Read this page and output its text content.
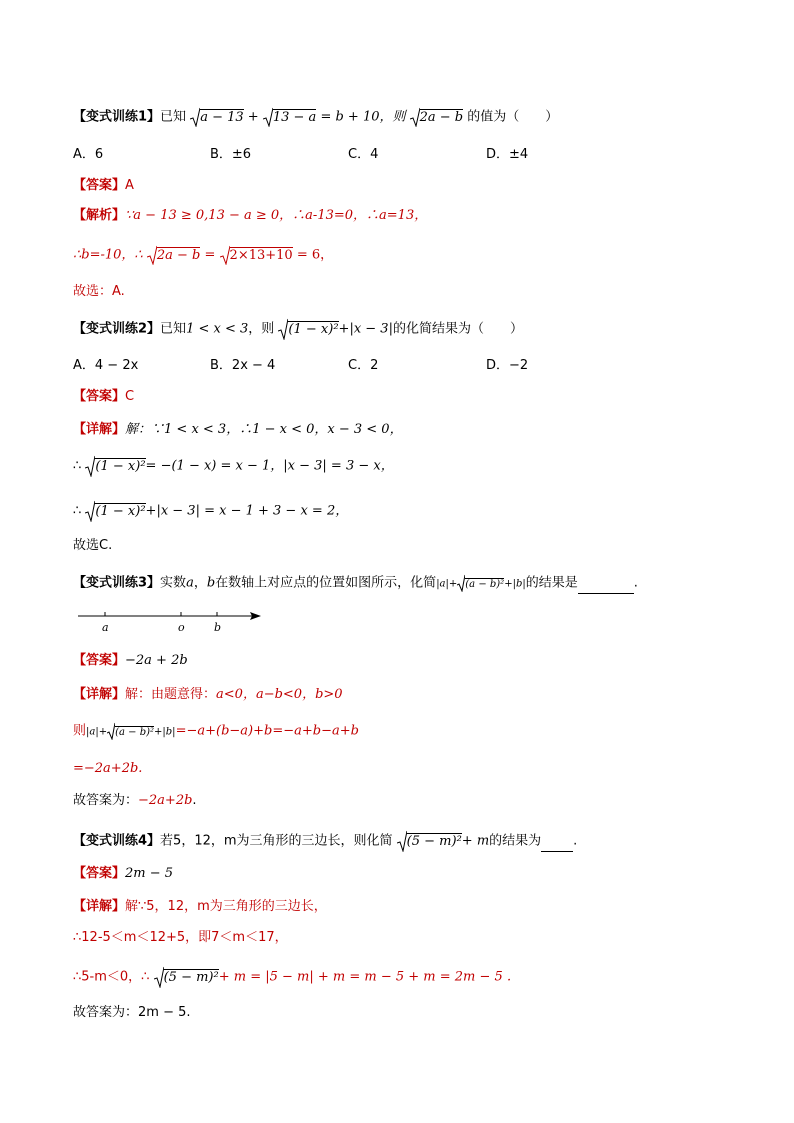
【变式训练1】已知 a − 13 + 13 − a = b + 10，则 2a − b 的值为（　　）
A．6	B．±6	C．4	D．±4
【答案】A
【解析】∵a − 13 ≥ 0,13 − a ≥ 0，∴a-13=0，∴a=13，
∴b=-10，∴ 2a − b = 2×13+10 = 6，
故选：A.
【变式训练2】已知1 < x < 3，则 (1 − x)²+|x − 3|的化简结果为（　　）
A．4 − 2x	B．2x − 4	C．2	D．−2
【答案】C
【详解】解：∵1 < x < 3，∴1 − x < 0，x − 3 < 0，
∴ (1 − x)²= −(1 − x) = x − 1，|x − 3| = 3 − x，
∴ (1 − x)²+|x − 3| = x − 1 + 3 − x = 2，
故选C.
【变式训练3】实数a，b在数轴上对应点的位置如图所示，化简|a|+ (a − b)²+|b|的结果是	.
a	o	b
【答案】−2a + 2b
【详解】解：由题意得：a<0，a−b<0，b>0
则|a|+ (a − b)²+|b|=−a+(b−a)+b=−a+b−a+b
=−2a+2b.
故答案为：−2a+2b.
【变式训练4】若5，12，m为三角形的三边长，则化简 (5 − m)²+ m的结果为 .
【答案】2m − 5
【详解】解∵5，12，m为三角形的三边长，
∴12-5＜m＜12+5，即7＜m＜17，
∴5-m＜0，∴ (5 − m)²+ m = |5 − m| + m = m − 5 + m = 2m − 5 .
故答案为：2m − 5.
